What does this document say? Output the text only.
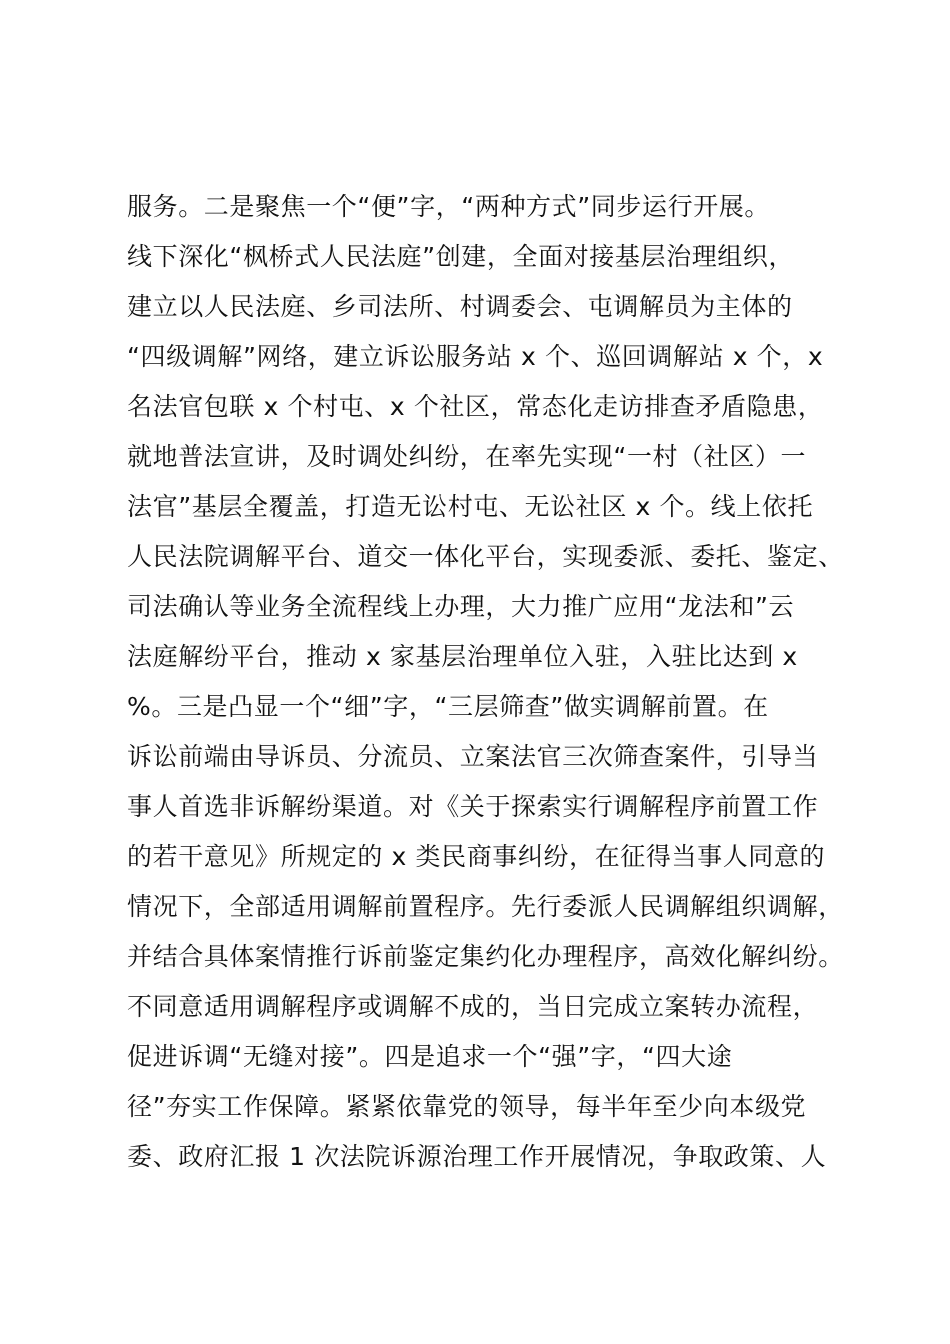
服务。二是聚焦一个“便”字，“两种方式”同步运行开展。
线下深化“枫桥式人民法庭”创建，全面对接基层治理组织，
建立以人民法庭、乡司法所、村调委会、屯调解员为主体的
“四级调解”网络，建立诉讼服务站 x 个、巡回调解站 x 个，x
名法官包联 x 个村屯、x 个社区，常态化走访排查矛盾隐患，
就地普法宣讲，及时调处纠纷，在率先实现“一村（社区）一
法官”基层全覆盖，打造无讼村屯、无讼社区 x 个。线上依托
人民法院调解平台、道交一体化平台，实现委派、委托、鉴定、
司法确认等业务全流程线上办理，大力推广应用“龙法和”云
法庭解纷平台，推动 x 家基层治理单位入驻，入驻比达到 x
%。三是凸显一个“细”字，“三层筛查”做实调解前置。在
诉讼前端由导诉员、分流员、立案法官三次筛查案件，引导当
事人首选非诉解纷渠道。对《关于探索实行调解程序前置工作
的若干意见》所规定的 x 类民商事纠纷，在征得当事人同意的
情况下，全部适用调解前置程序。先行委派人民调解组织调解，
并结合具体案情推行诉前鉴定集约化办理程序，高效化解纠纷。
不同意适用调解程序或调解不成的，当日完成立案转办流程，
促进诉调“无缝对接”。四是追求一个“强”字，“四大途
径”夯实工作保障。紧紧依靠党的领导，每半年至少向本级党
委、政府汇报 1 次法院诉源治理工作开展情况，争取政策、人
